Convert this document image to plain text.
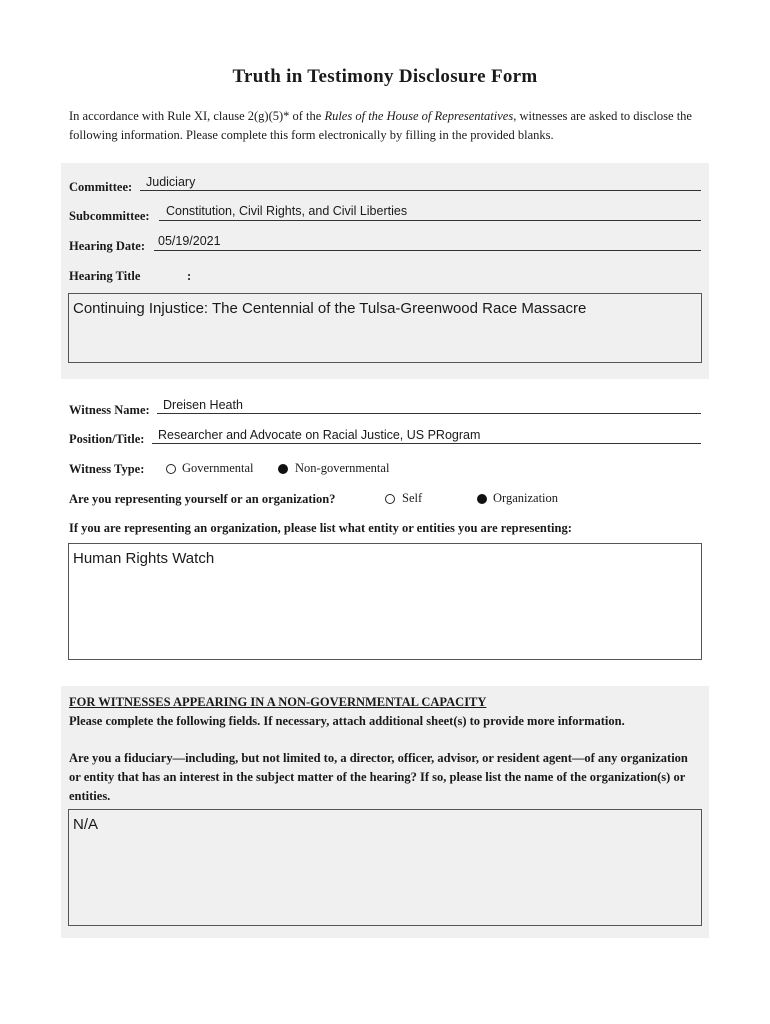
Truth in Testimony Disclosure Form
In accordance with Rule XI, clause 2(g)(5)* of the Rules of the House of Representatives, witnesses are asked to disclose the following information. Please complete this form electronically by filling in the provided blanks.
Committee: Judiciary
Subcommittee: Constitution, Civil Rights, and Civil Liberties
Hearing Date: 05/19/2021
Hearing Title	:
Continuing Injustice: The Centennial of the Tulsa-Greenwood Race Massacre
Witness Name: Dreisen Heath
Position/Title: Researcher and Advocate on Racial Justice, US PRogram
Witness Type:	Governmental	Non-governmental
Are you representing yourself or an organization?	Self	Organization
If you are representing an organization, please list what entity or entities you are representing:
Human Rights Watch
FOR WITNESSES APPEARING IN A NON-GOVERNMENTAL CAPACITY
Please complete the following fields. If necessary, attach additional sheet(s) to provide more information.
Are you a fiduciary—including, but not limited to, a director, officer, advisor, or resident agent—of any organization or entity that has an interest in the subject matter of the hearing? If so, please list the name of the organization(s) or entities.
N/A
